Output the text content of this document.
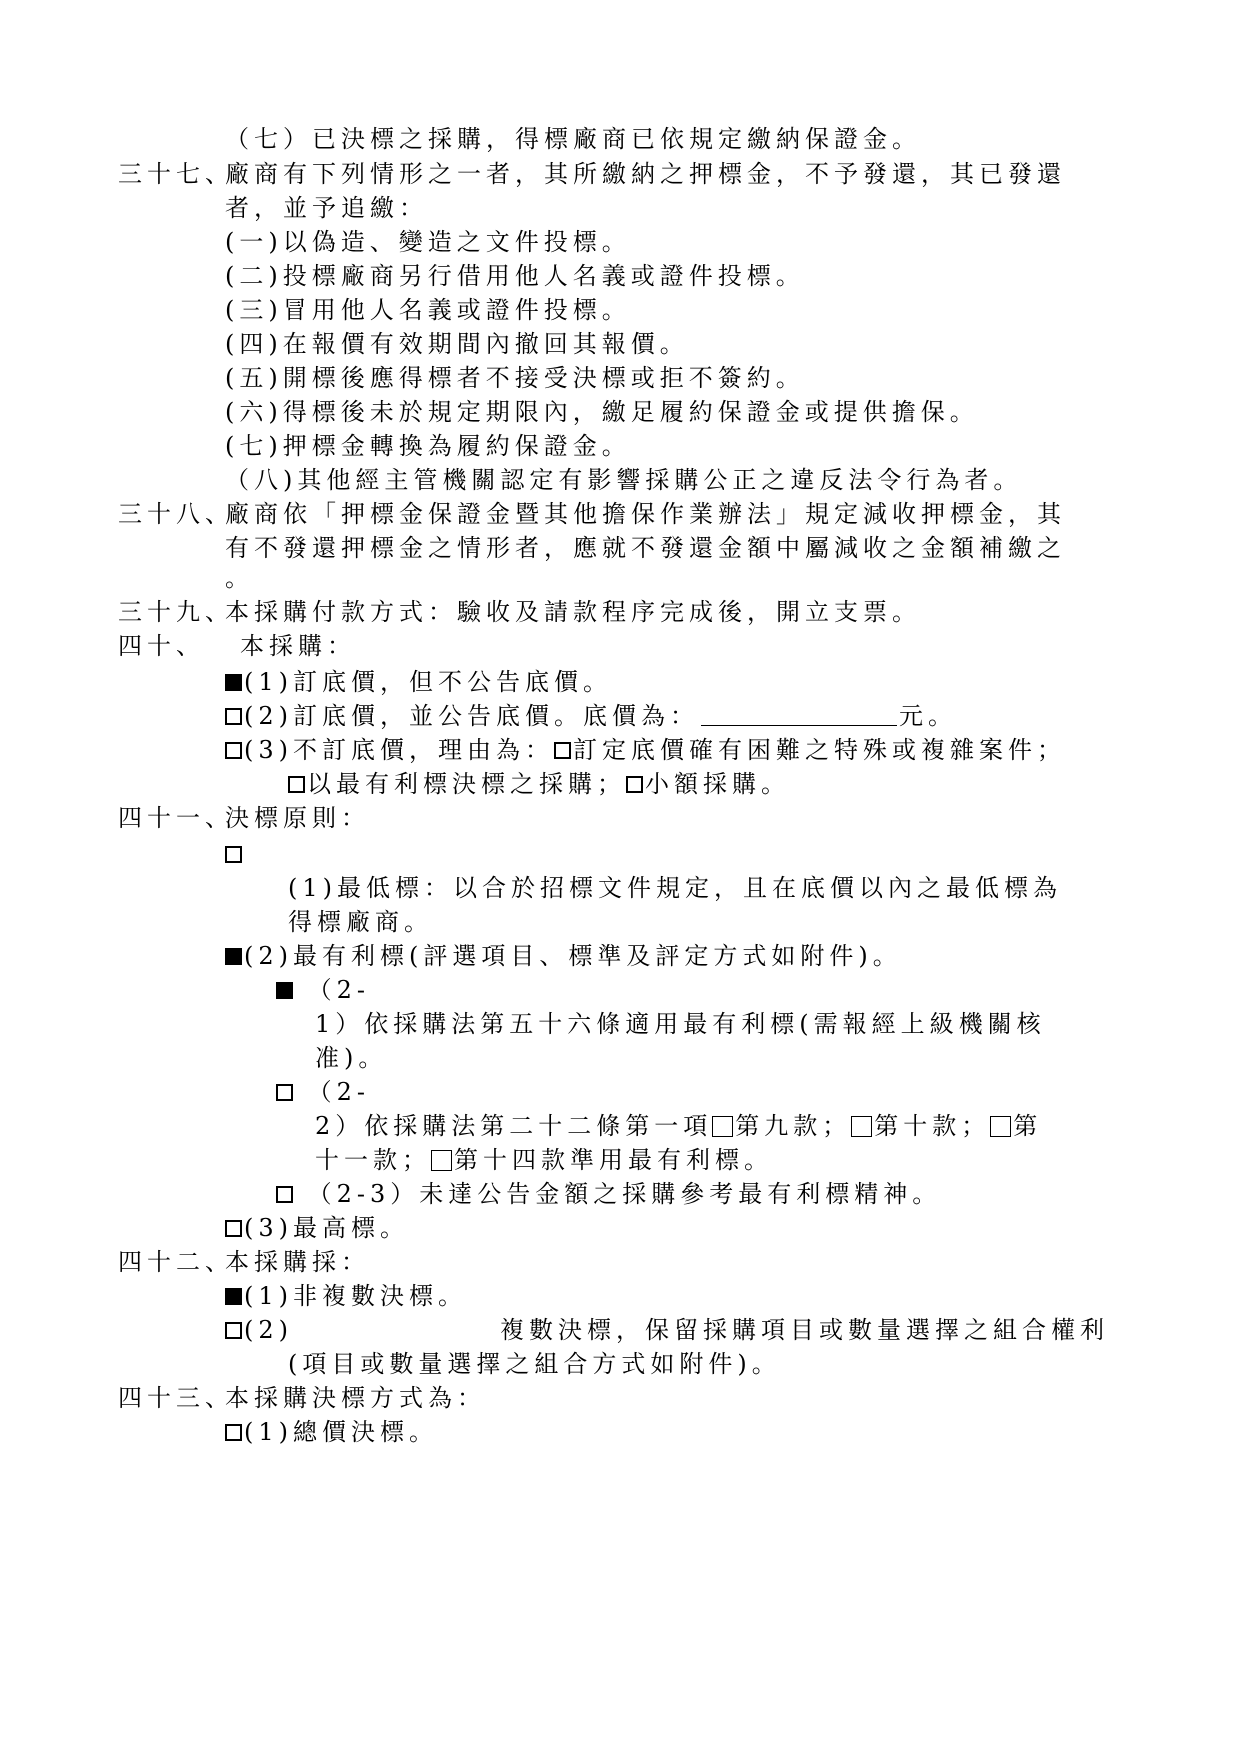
（七）已決標之採購，得標廠商已依規定繳納保證金。
三十七、
廠商有下列情形之一者，其所繳納之押標金，不予發還，其已發還
者，並予追繳：
(一)以偽造、變造之文件投標。
(二)投標廠商另行借用他人名義或證件投標。
(三)冒用他人名義或證件投標。
(四)在報價有效期間內撤回其報價。
(五)開標後應得標者不接受決標或拒不簽約。
(六)得標後未於規定期限內，繳足履約保證金或提供擔保。
(七)押標金轉換為履約保證金。
（八)其他經主管機關認定有影響採購公正之違反法令行為者。
三十八、
廠商依「押標金保證金暨其他擔保作業辦法」規定減收押標金，其
有不發還押標金之情形者，應就不發還金額中屬減收之金額補繳之
。
三十九、
本採購付款方式：驗收及請款程序完成後，開立支票。
四十、 本採購：
(1)訂底價，但不公告底價。
(2)訂底價，並公告底價。底價為：	元。
(3)不訂底價，理由為： 訂定底價確有困難之特殊或複雜案件；
以最有利標決標之採購； 小額採購。
四十一、
決標原則：
(1)最低標：以合於招標文件規定，且在底價以內之最低標為
得標廠商。
(2)最有利標(評選項目、標準及評定方式如附件)。
（2-
1）依採購法第五十六條適用最有利標(需報經上級機關核
准)。
（2-
2）依採購法第二十二條第一項 第九款； 第十款； 第
十一款； 第十四款準用最有利標。
（2-3）未達公告金額之採購參考最有利標精神。
(3)最高標。
四十二、
本採購採：
(1)非複數決標。
(2)	複數決標，保留採購項目或數量選擇之組合權利
(項目或數量選擇之組合方式如附件)。
四十三、
本採購決標方式為：
(1)總價決標。
